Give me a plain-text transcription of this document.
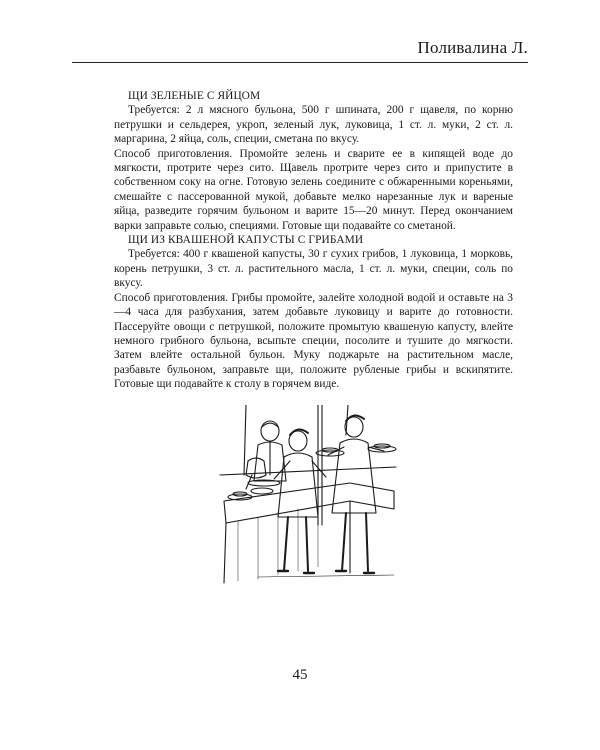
Поливалина Л.
ЩИ ЗЕЛЕНЫЕ С ЯЙЦОМ

Требуется: 2 л мясного бульона, 500 г шпината, 200 г щавеля, по корню петрушки и сельдерея, укроп, зеленый лук, луковица, 1 ст. л. муки, 2 ст. л. маргарина, 2 яйца, соль, специи, сметана по вкусу.

Способ приготовления. Промойте зелень и сварите ее в кипящей воде до мягкости, протрите через сито. Щавель протрите через сито и припустите в собственном соку на огне. Готовую зелень соедините с обжаренными кореньями, смешайте с пассерованной мукой, добавьте мелко нарезанные лук и вареные яйца, разведите горячим бульоном и варите 15—20 минут. Перед окончанием варки заправьте солью, специями. Готовые щи подавайте со сметаной.

ЩИ ИЗ КВАШЕНОЙ КАПУСТЫ С ГРИБАМИ

Требуется: 400 г квашеной капусты, 30 г сухих грибов, 1 луковица, 1 морковь, корень петрушки, 3 ст. л. растительного масла, 1 ст. л. муки, специи, соль по вкусу.

Способ приготовления. Грибы промойте, залейте холодной водой и оставьте на 3—4 часа для разбухания, затем добавьте луковицу и варите до готовности. Пассеруйте овощи с петрушкой, положите промытую квашеную капусту, влейте немного грибного бульона, всыпьте специи, посолите и тушите до мягкости. Затем влейте остальной бульон. Муку поджарьте на растительном масле, разбавьте бульоном, заправьте щи, положите рубленые грибы и вскипятите. Готовые щи подавайте к столу в горячем виде.

45
